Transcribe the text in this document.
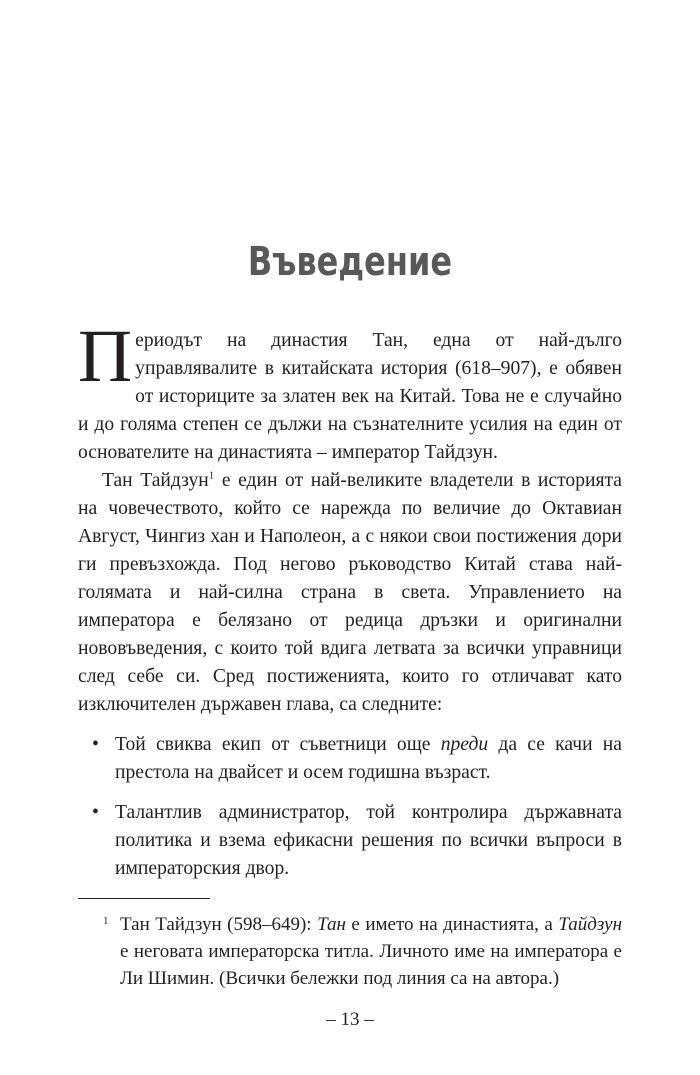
Въведение

Периодът на династия Тан, една от най-дълго управлявалите в китайската история (618–907), е обявен от историците за златен век на Китай. Това не е случайно и до голяма степен се дължи на съзнателните усилия на един от основателите на династията – император Тайдзун.

Тан Тайдзун$^1$ е един от най-великите владетели в историята на човечеството, който се нарежда по величие до Октавиан Август, Чингиз хан и Наполеон, а с някои свои постижения дори ги превъзхожда. Под негово ръководство Китай става най-голямата и най-силна страна в света. Управлението на императора е белязано от редица дръзки и оригинални нововъведения, с които той вдига летвата за всички управници след себе си. Сред постиженията, които го отличават като изключителен държавен глава, са следните:

•
Той свиква екип от съветници още преди да се качи на престола на двайсет и осем годишна възраст.
•
Талантлив администратор, той контролира държавната политика и взема ефикасни решения по всички въпроси в императорския двор.
1 Тан Тайдзун (598–649): Тан е името на династията, а Тайдзун е неговата императорска титла. Личното име на императора е Ли Шимин. (Всички бележки под линия са на автора.)

– 13 –
